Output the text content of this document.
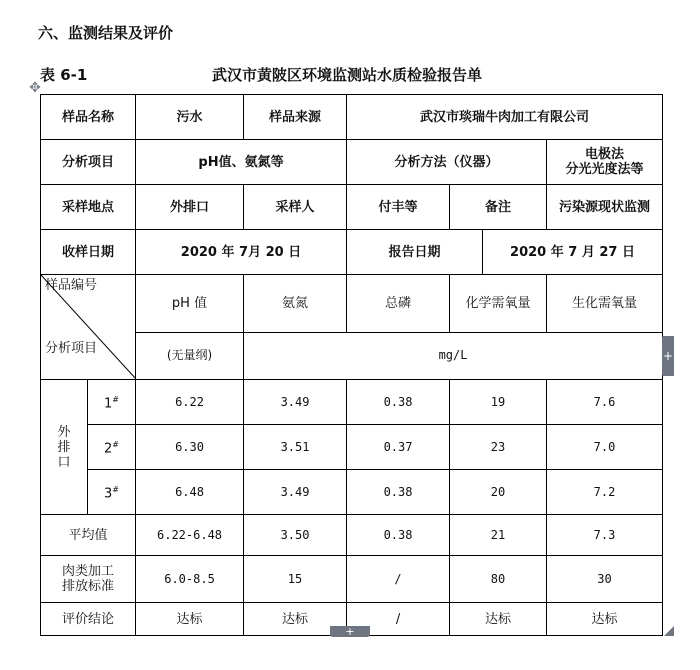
六、监测结果及评价
表 6-1	武汉市黄陂区环境监测站水质检验报告单
✥
样品名称		污水	样品来源	武汉市琰瑞牛肉加工有限公司			
分析项目		pH值、氨氮等		分析方法（仪器）			电极法
分光光度法等

采样地点		外排口	采样人	付丰等	备注		污染源现状监测
收样日期		2020 年 7月 20 日		报告日期		2020 年 7 月 27 日	

样品编号
分析项目		pH 值	氨氮	总磷	化学需氧量		生化需氧量
		(无量纲)	mg/L				

外
排
口	1#	6.22	3.49	0.38	19		7.6
	2#	6.30	3.51	0.37	23		7.0
	3#	6.48	3.49	0.38	20		7.2
平均值		6.22-6.48	3.50	0.38	21		7.3

肉类加工
排放标准		6.0-8.5	15	/	80		30
评价结论		达标	达标	/	达标		达标
+
+
